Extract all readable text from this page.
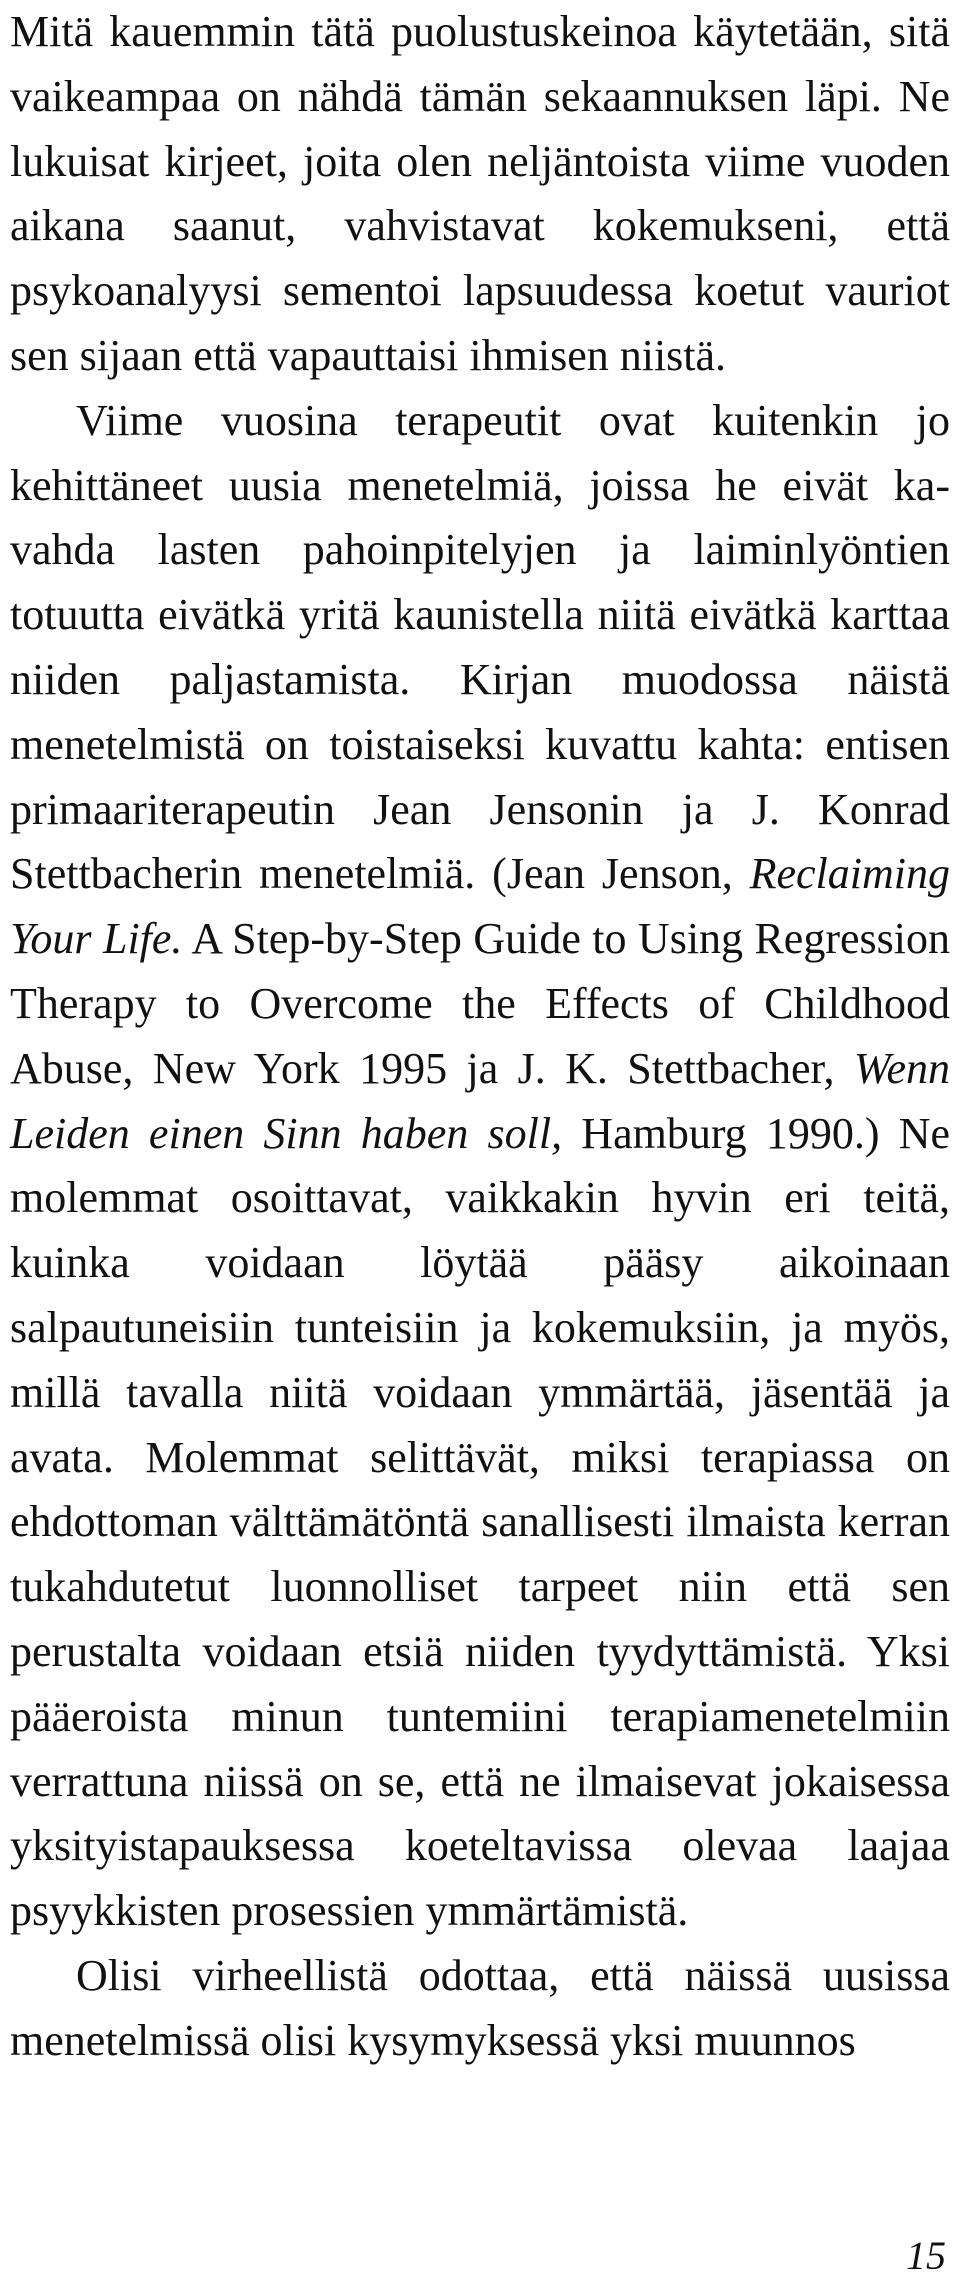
Mitä kauemmin tätä puolustuskeinoa käytetään, sitä vaikeampaa on nähdä tämän sekaannuksen läpi. Ne lukuisat kirjeet, joita olen neljäntoista viime vuoden aikana saanut, vahvistavat kokemukseni, että psykoanalyysi sementoi lapsuudessa koetut vauriot sen sijaan että vapauttaisi ihmisen niistä.

Viime vuosina terapeutit ovat kuitenkin jo kehittäneet uusia menetelmiä, joissa he eivät kavahda lasten pahoinpitelyjen ja laiminlyöntien totuutta eivätkä yritä kaunistella niitä eivätkä karttaa niiden paljastamista. Kirjan muodossa näistä menetelmistä on toistaiseksi kuvattu kahta: entisen primaariterapeutin Jean Jensonin ja J. Konrad Stettbacherin menetelmiä. (Jean Jenson, Reclaiming Your Life. A Step-by-Step Guide to Using Regression Therapy to Overcome the Effects of Childhood Abuse, New York 1995 ja J. K. Stettbacher, Wenn Leiden einen Sinn haben soll, Hamburg 1990.) Ne molemmat osoittavat, vaikkakin hyvin eri teitä, kuinka voidaan löytää pääsy aikoinaan salpautuneisiin tunteisiin ja kokemuksiin, ja myös, millä tavalla niitä voidaan ymmärtää, jäsentää ja avata. Molemmat selittävät, miksi terapiassa on ehdottoman välttämätöntä sanallisesti ilmaista kerran tukahdutetut luonnolliset tarpeet niin että sen perustalta voidaan etsiä niiden tyydyttämistä. Yksi pääeroista minun tuntemiini terapiamenetelmiin verrattuna niissä on se, että ne ilmaisevat jokaisessa yksityistapauksessa koeteltavissa olevaa laajaa psyykkisten prosessien ymmärtämistä.

Olisi virheellistä odottaa, että näissä uusissa menetelmissä olisi kysymyksessä yksi muunnos

15
